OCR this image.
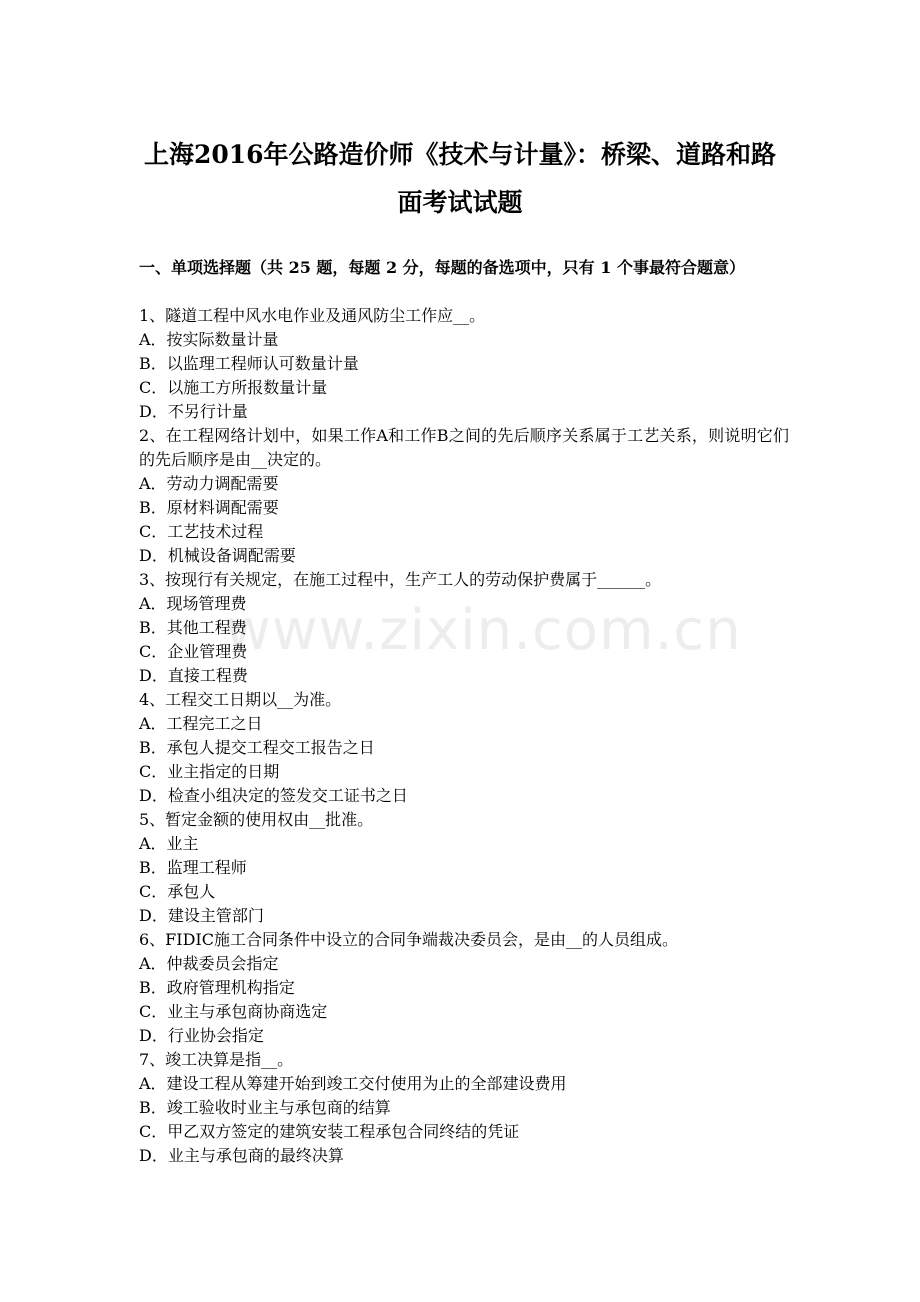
上海2016年公路造价师《技术与计量》：桥梁、道路和路
面考试试题

一、单项选择题（共 25 题，每题 2 分，每题的备选项中，只有 1 个事最符合题意）

1、隧道工程中风水电作业及通风防尘工作应__。

A．按实际数量计量

B．以监理工程师认可数量计量

C．以施工方所报数量计量

D．不另行计量

2、在工程网络计划中，如果工作A和工作B之间的先后顺序关系属于工艺关系，则说明它们的先后顺序是由__决定的。

A．劳动力调配需要

B．原材料调配需要

C．工艺技术过程

D．机械设备调配需要

3、按现行有关规定，在施工过程中，生产工人的劳动保护费属于______。

A．现场管理费

B．其他工程费

C．企业管理费

D．直接工程费

4、工程交工日期以__为准。

A．工程完工之日

B．承包人提交工程交工报告之日

C．业主指定的日期

D．检查小组决定的签发交工证书之日

5、暂定金额的使用权由__批准。

A．业主

B．监理工程师

C．承包人

D．建设主管部门

6、FIDIC施工合同条件中设立的合同争端裁决委员会，是由__的人员组成。

A．仲裁委员会指定

B．政府管理机构指定

C．业主与承包商协商选定

D．行业协会指定

7、竣工决算是指__。

A．建设工程从筹建开始到竣工交付使用为止的全部建设费用

B．竣工验收时业主与承包商的结算

C．甲乙双方签定的建筑安装工程承包合同终结的凭证

D．业主与承包商的最终决算

www.zixin.com.cn
